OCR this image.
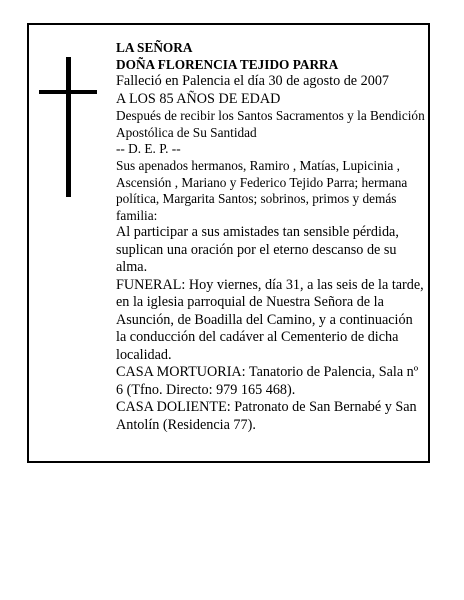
LA SEÑORA

DOÑA FLORENCIA TEJIDO PARRA

Falleció en Palencia el día 30 de agosto de 2007

A LOS 85 AÑOS DE EDAD

Después de recibir los Santos Sacramentos y la Bendición Apostólica de Su Santidad

-- D. E. P. --

Sus apenados hermanos, Ramiro , Matías, Lupicinia , Ascensión , Mariano y Federico Tejido Parra; hermana política, Margarita Santos; sobrinos, primos y demás familia:

Al participar a sus amistades tan sensible pérdida, suplican una oración por el eterno descanso de su alma.

FUNERAL: Hoy viernes, día 31, a las seis de la tarde, en la iglesia parroquial de Nuestra Señora de la Asunción, de Boadilla del Camino, y a continuación la conducción del cadáver al Cementerio de dicha localidad.

CASA MORTUORIA: Tanatorio de Palencia, Sala nº 6 (Tfno. Directo: 979 165 468).

CASA DOLIENTE: Patronato de San Bernabé y San Antolín (Residencia 77).
